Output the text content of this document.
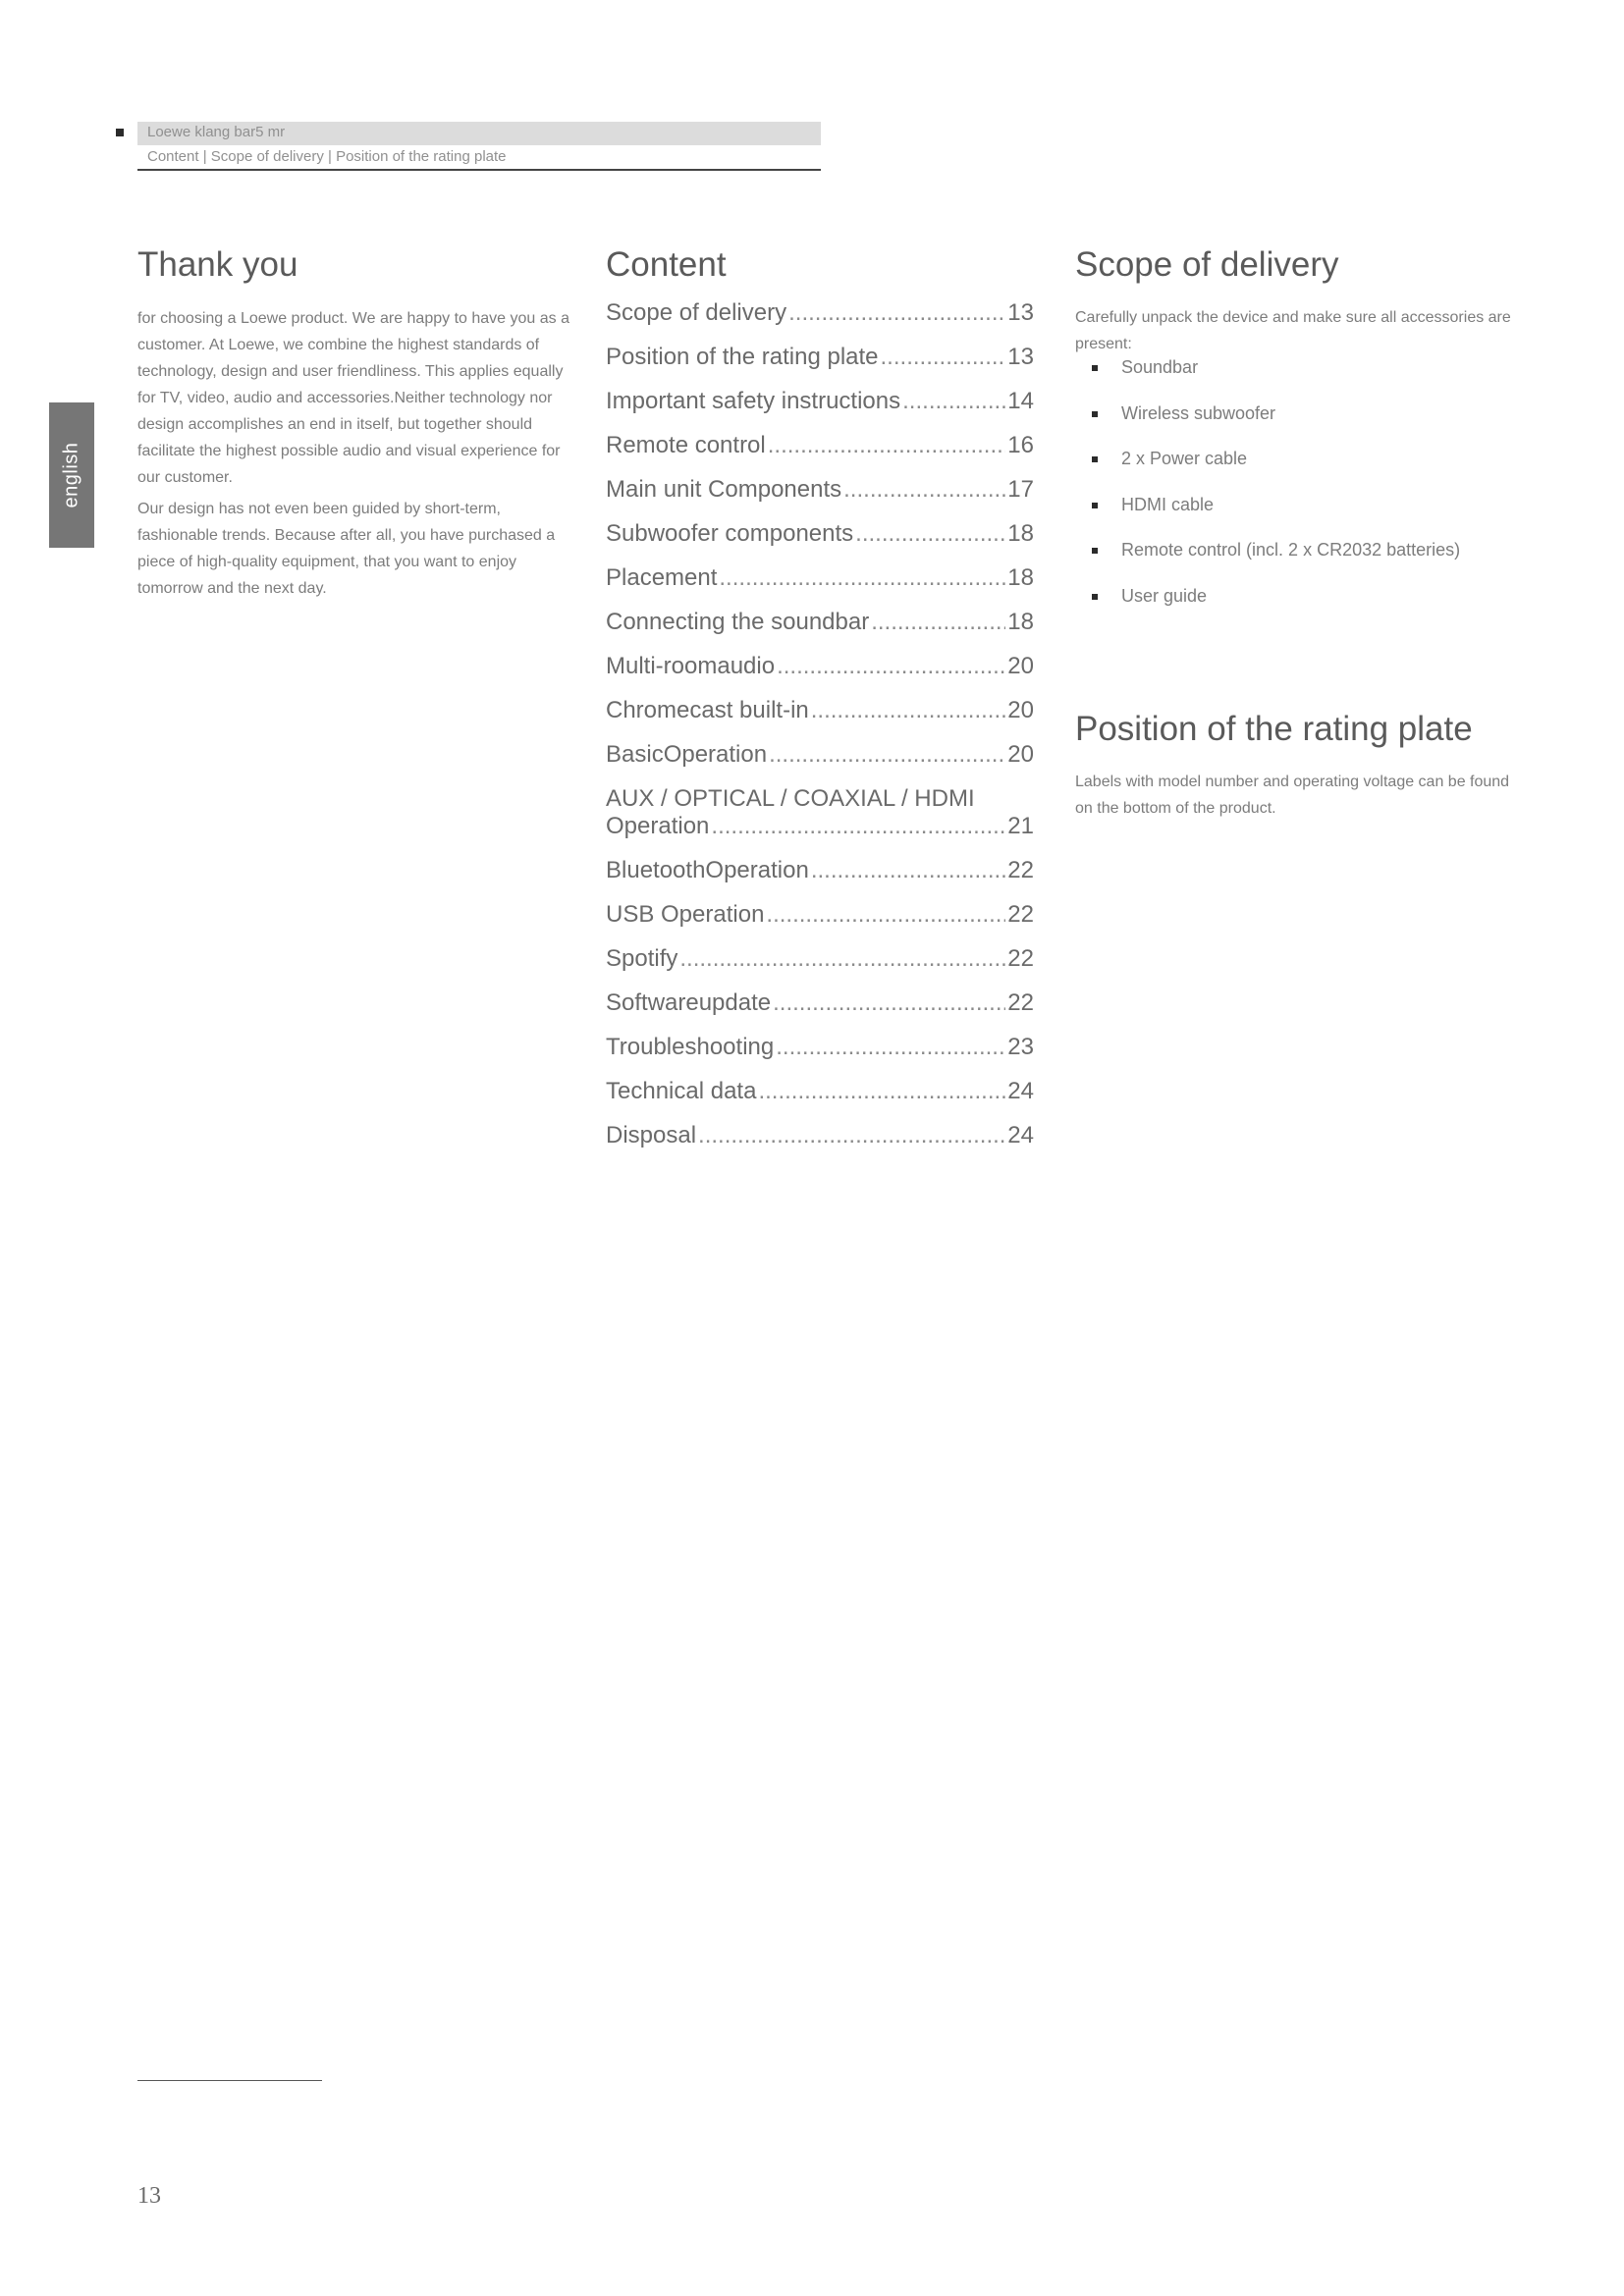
Loewe klang bar5 mr
Content | Scope of delivery | Position of the rating plate
english
Thank you

for choosing a Loewe product. We are happy to have you as a customer. At Loewe, we combine the highest standards of technology, design and user friendliness. This applies equally for TV, video, audio and accessories.Neither technology nor design accomplishes an end in itself, but together should facilitate the highest possible audio and visual experience for our customer.

Our design has not even been guided by short-term, fashionable trends. Because after all, you have purchased a piece of high-quality equipment, that you want to enjoy tomorrow and the next day.

Content
Scope of delivery .....	13
Position of the rating plate .....	13
Important safety instructions .....	14
Remote control .....	16
Main unit Components .....	17
Subwoofer components .....	18
Placement .....	18
Connecting the soundbar .....	18
Multi-roomaudio .....	20
Chromecast built-in .....	20
BasicOperation .....	20
AUX / OPTICAL / COAXIAL / HDMI
Operation .....	21
BluetoothOperation .....	22
USB Operation .....	22
Spotify .....	22
Softwareupdate .....	22
Troubleshooting .....	23
Technical data .....	24
Disposal .....	24
Scope of delivery

Carefully unpack the device and make sure all accessories are present:

Soundbar
Wireless subwoofer
2 x Power cable
HDMI cable
Remote control (incl. 2 x CR2032 batteries)
User guide
Position of the rating plate

Labels with model number and operating voltage can be found on the bottom of the product.

13
